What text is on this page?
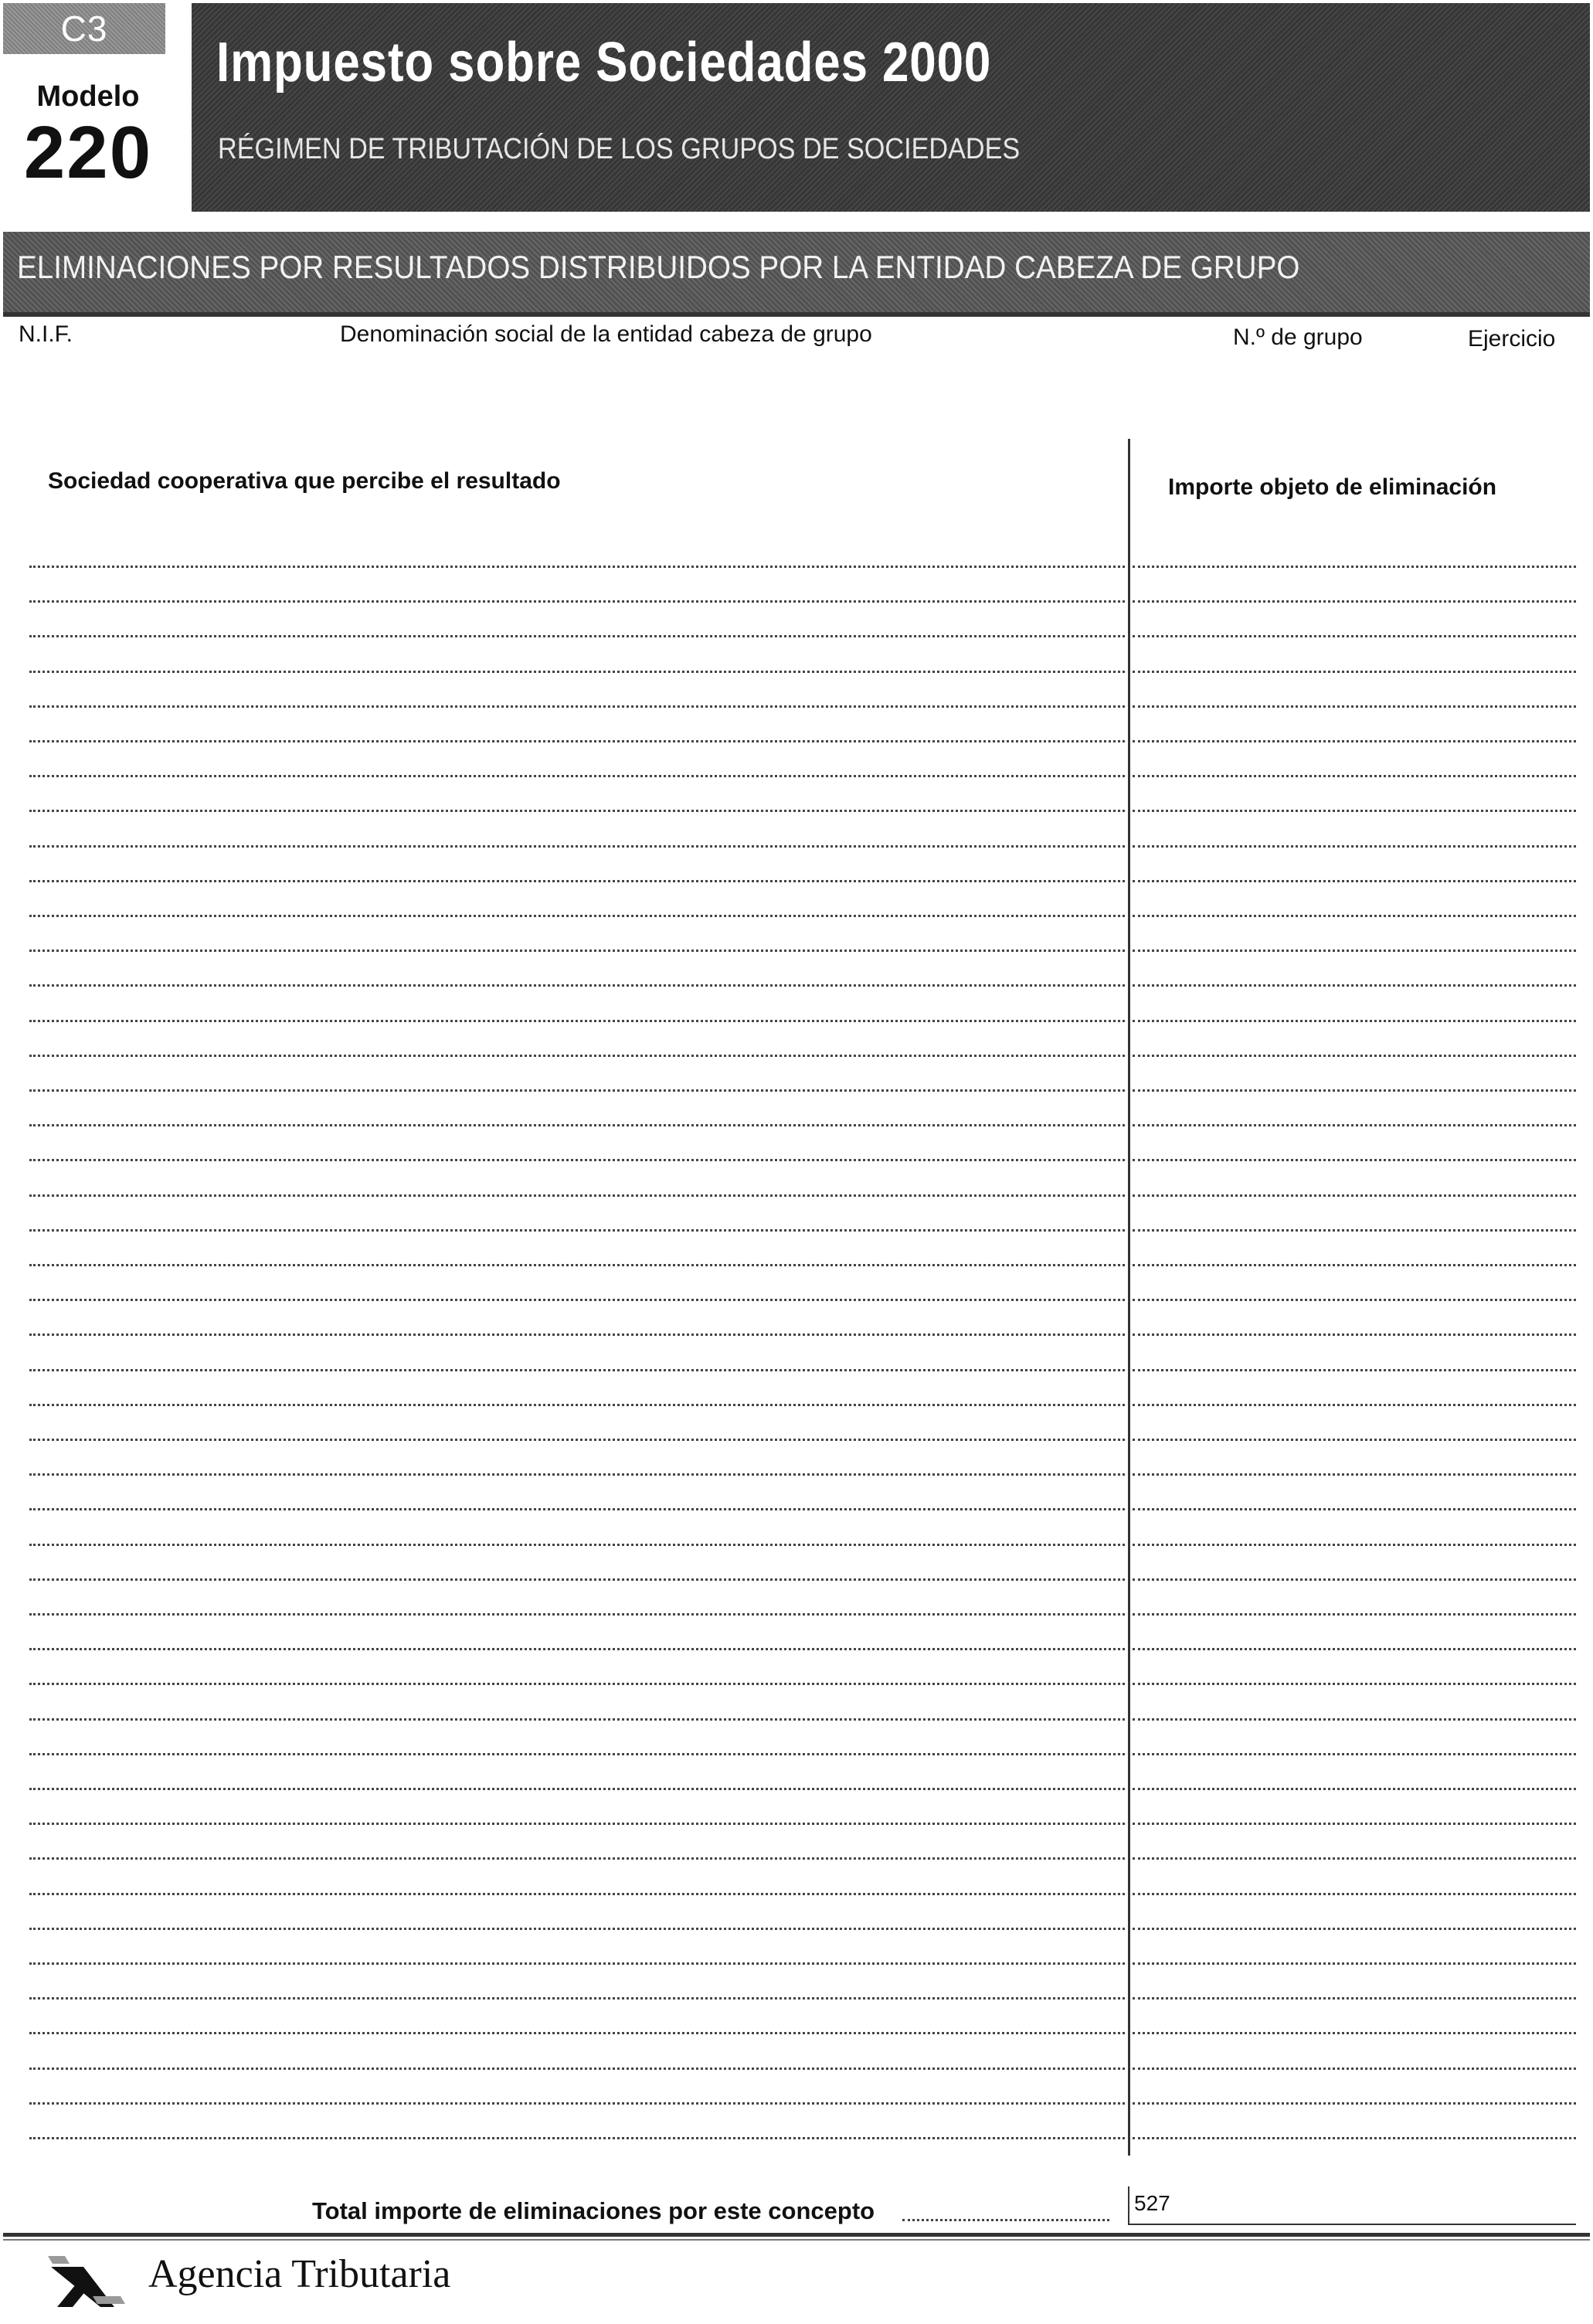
C3
Modelo
220
Impuesto sobre Sociedades 2000
RÉGIMEN DE TRIBUTACIÓN DE LOS GRUPOS DE SOCIEDADES
ELIMINACIONES POR RESULTADOS DISTRIBUIDOS POR LA ENTIDAD CABEZA DE GRUPO
N.I.F.	Denominación social de la entidad cabeza de grupo	N.º de grupo	Ejercicio
Sociedad cooperativa que percibe el resultado	Importe objeto de eliminación
Total importe de eliminaciones por este concepto	527
Agencia Tributaria
